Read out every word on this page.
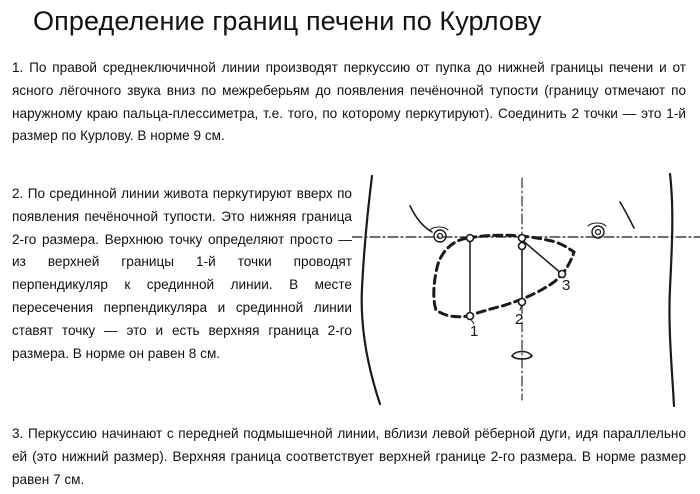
Определение границ печени по Курлову
1. По правой среднеключичной линии производят перкуссию от пупка до нижней границы печени и от ясного лёгочного звука вниз по межреберьям до появления печёночной тупости (границу отмечают по наружному краю пальца-плессиметра, т.е. того, по которому перкутируют). Соединить 2 точки — это 1-й размер по Курлову. В норме 9 см.
2. По срединной линии живота перкутируют вверх по появления печёночной тупости. Это нижняя граница 2-го размера. Верхнюю точку определяют просто — из верхней границы 1-й точки проводят перпендикуляр к срединной линии. В месте пересечения перпендикуляра и срединной линии ставят точку — это и есть верхняя граница 2-го размера. В норме он равен 8 см.
3. Перкуссию начинают с передней подмышечной линии, вблизи левой рёберной дуги, идя параллельно ей (это нижний размер). Верхняя граница соответствует верхней границе 2-го размера. В норме размер равен 7 см.
1
2
3
